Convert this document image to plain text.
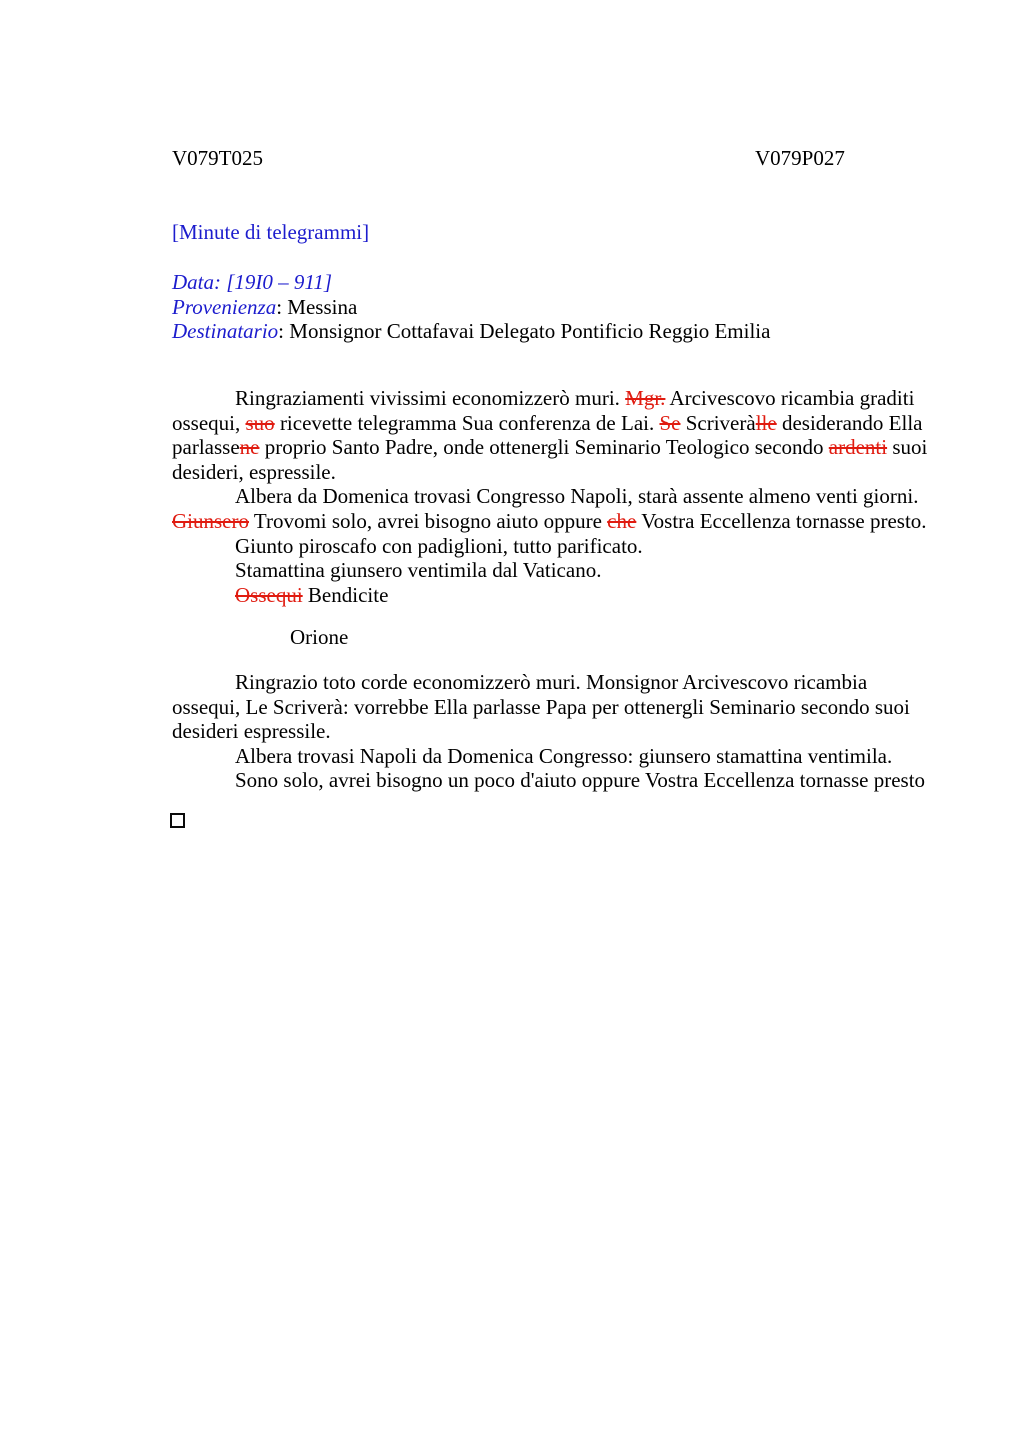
V079T025	V079P027

[Minute di telegrammi]

Data: [19I0 – 911]

Provenienza: Messina

Destinatario: Monsignor Cottafavai Delegato Pontificio Reggio Emilia

Ringraziamenti vivissimi economizzerò muri. Mgr. Arcivescovo ricambia graditi ossequi, suo ricevette telegramma Sua conferenza de Lai. Se Scriveràlle desiderando Ella parlassene proprio Santo Padre, onde ottenergli Seminario Teologico secondo ardenti suoi desideri, espressile.

Albera da Domenica trovasi Congresso Napoli, starà assente almeno venti giorni. Giunsero Trovomi solo, avrei bisogno aiuto oppure che Vostra Eccellenza tornasse presto.

Giunto piroscafo con padiglioni, tutto parificato.

Stamattina giunsero ventimila dal Vaticano.

Ossequi Bendicite

Orione

Ringrazio toto corde economizzerò muri. Monsignor Arcivescovo ricambia ossequi, Le Scriverà: vorrebbe Ella parlasse Papa per ottenergli Seminario secondo suoi desideri espressile.

Albera trovasi Napoli da Domenica Congresso: giunsero stamattina ventimila.

Sono solo, avrei bisogno un poco d'aiuto oppure Vostra Eccellenza tornasse presto
